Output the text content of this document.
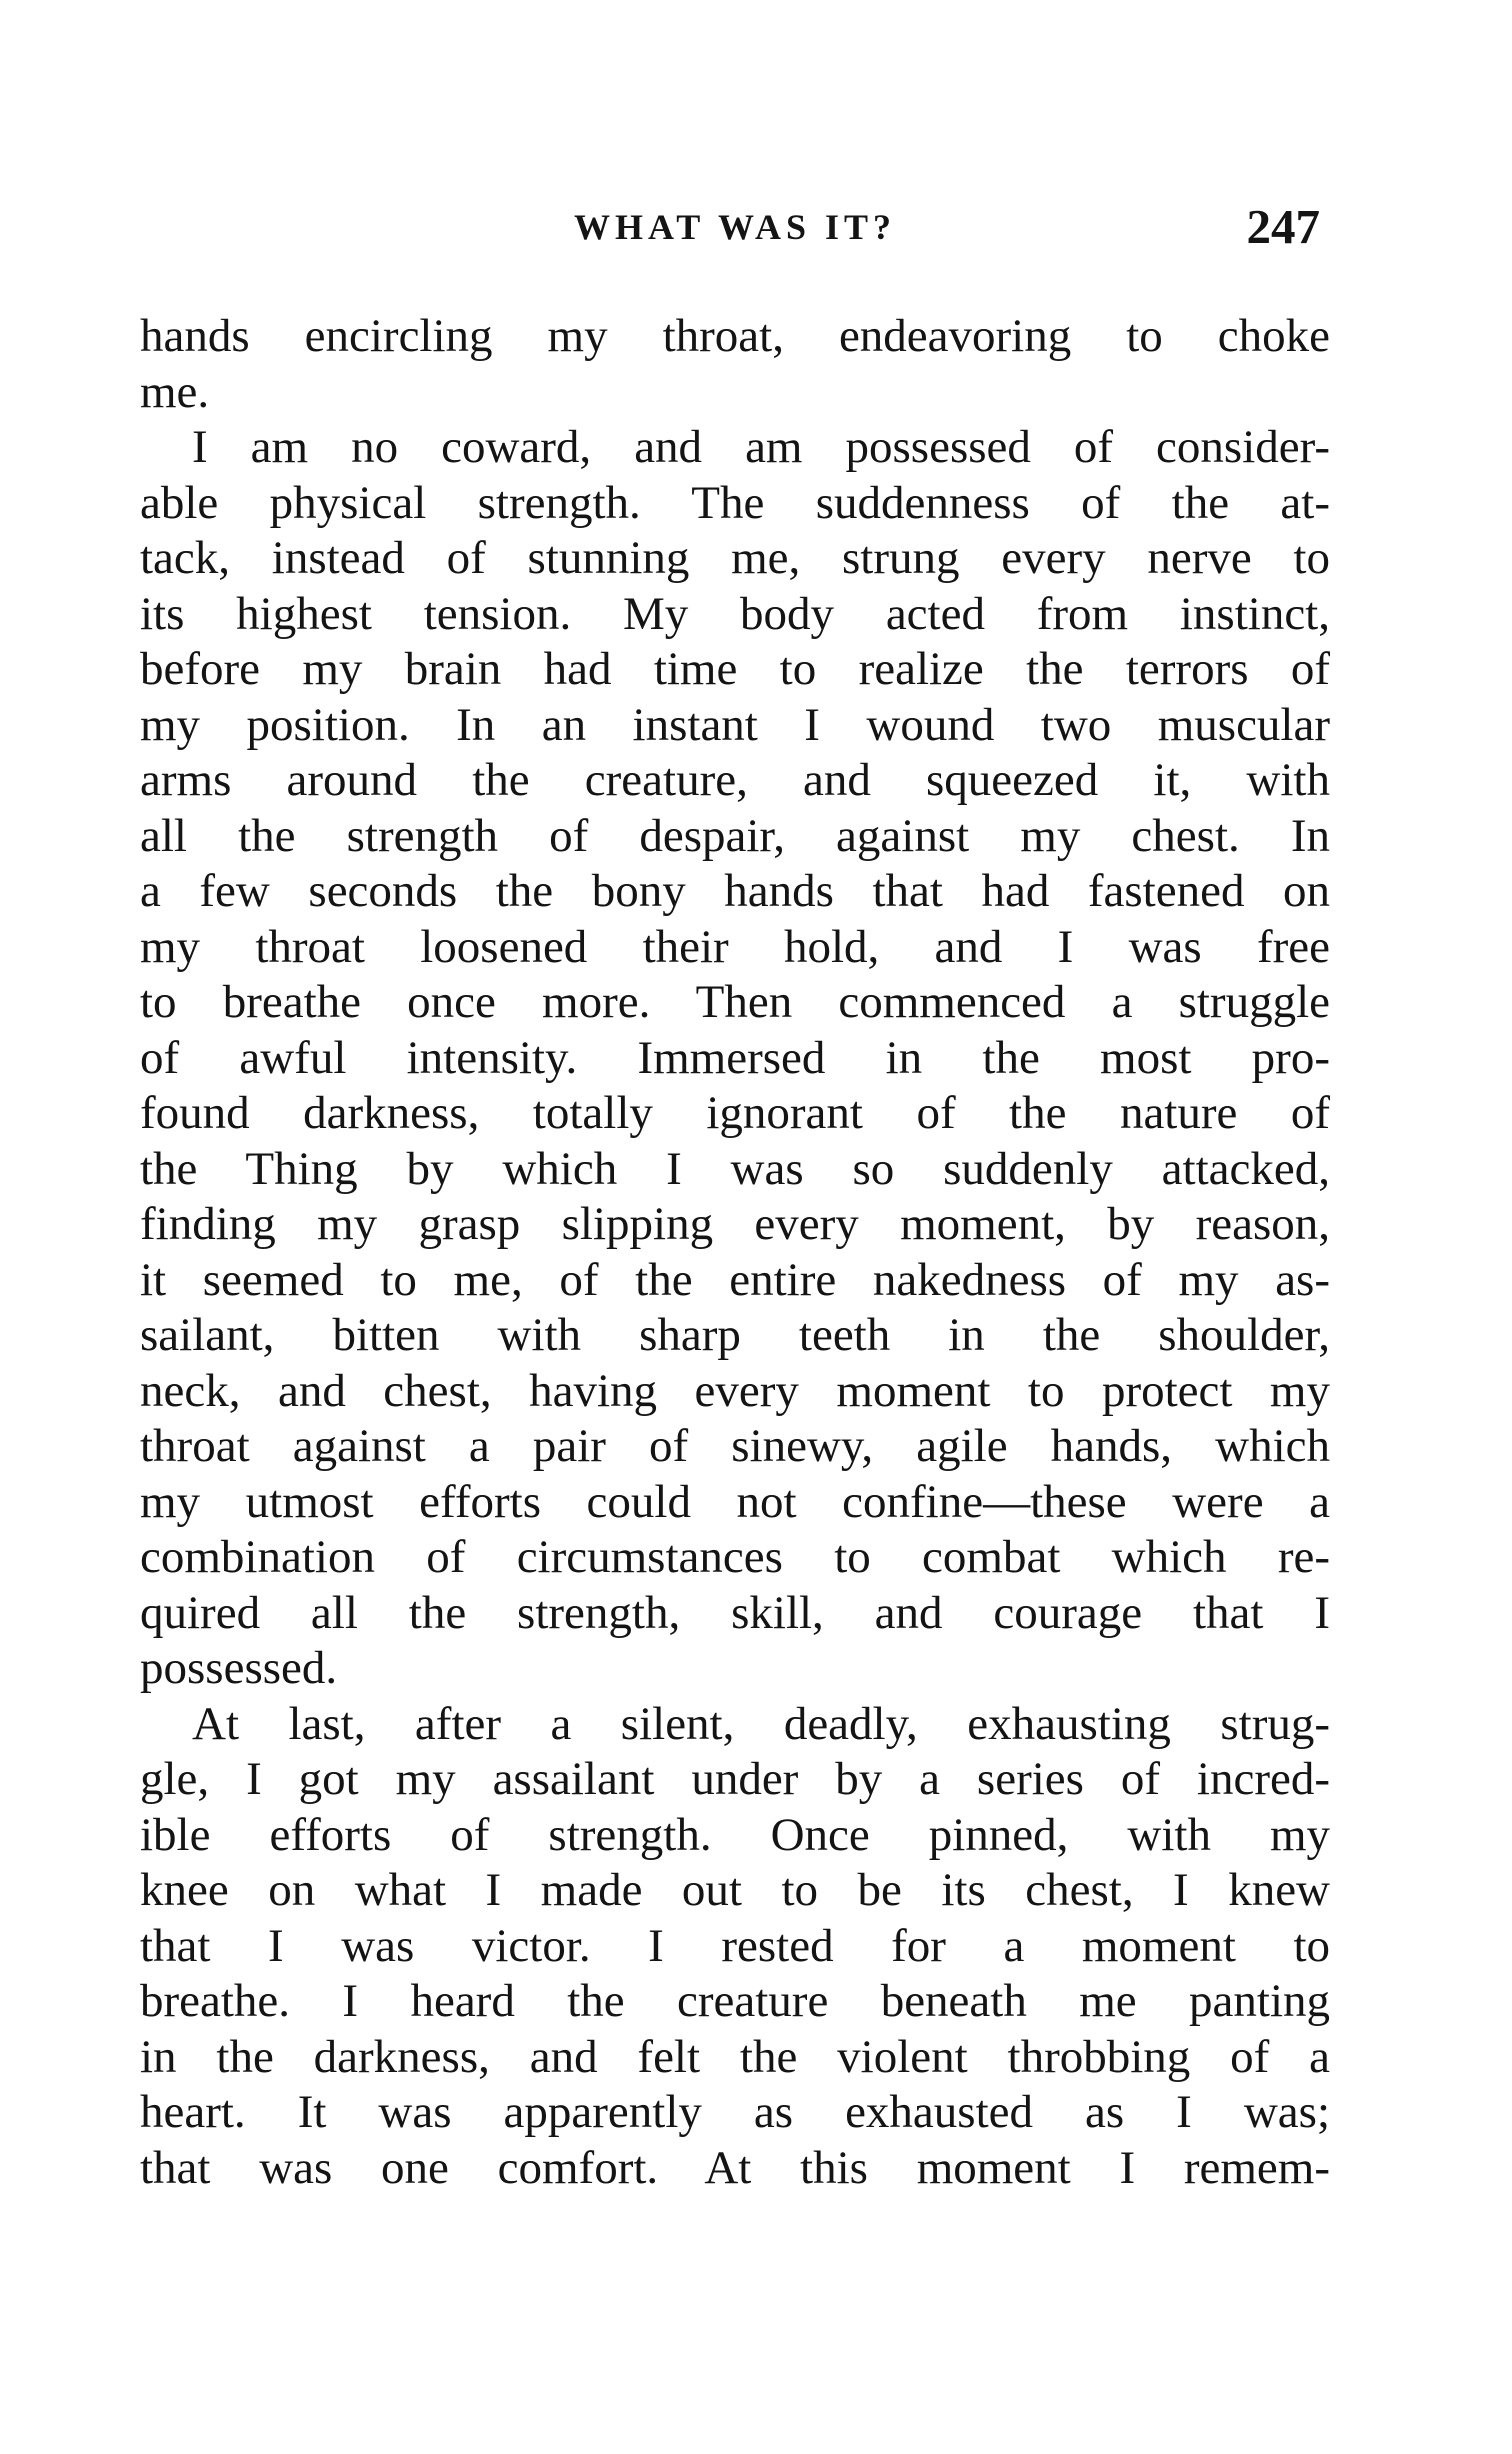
WHAT WAS IT?	247
hands encircling my throat, endeavoring to choke
me.
I am no coward, and am possessed of consider-
able physical strength. The suddenness of the at-
tack, instead of stunning me, strung every nerve to
its highest tension. My body acted from instinct,
before my brain had time to realize the terrors of
my position. In an instant I wound two muscular
arms around the creature, and squeezed it, with
all the strength of despair, against my chest. In
a few seconds the bony hands that had fastened on
my throat loosened their hold, and I was free
to breathe once more. Then commenced a struggle
of awful intensity. Immersed in the most pro-
found darkness, totally ignorant of the nature of
the Thing by which I was so suddenly attacked,
finding my grasp slipping every moment, by reason,
it seemed to me, of the entire nakedness of my as-
sailant, bitten with sharp teeth in the shoulder,
neck, and chest, having every moment to protect my
throat against a pair of sinewy, agile hands, which
my utmost efforts could not confine—these were a
combination of circumstances to combat which re-
quired all the strength, skill, and courage that I
possessed.
At last, after a silent, deadly, exhausting strug-
gle, I got my assailant under by a series of incred-
ible efforts of strength. Once pinned, with my
knee on what I made out to be its chest, I knew
that I was victor. I rested for a moment to
breathe. I heard the creature beneath me panting
in the darkness, and felt the violent throbbing of a
heart. It was apparently as exhausted as I was;
that was one comfort. At this moment I remem-
